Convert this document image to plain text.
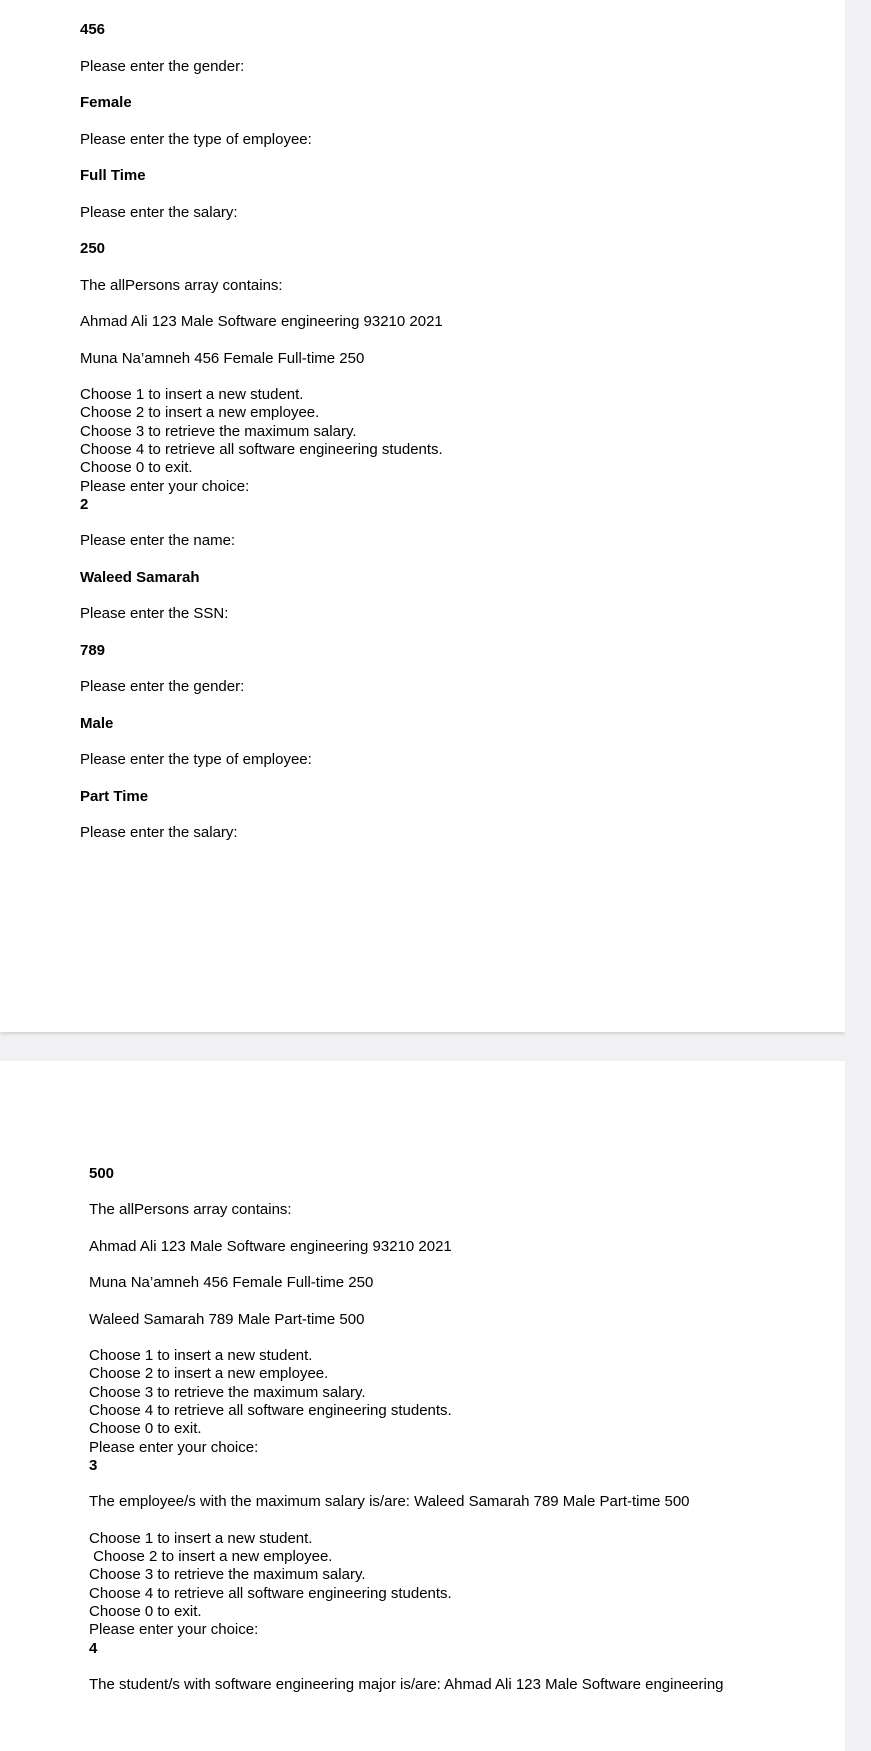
456
Please enter the gender:
Female
Please enter the type of employee:
Full Time
Please enter the salary:
250
The allPersons array contains:
Ahmad Ali 123 Male Software engineering 93210 2021
Muna Na’amneh 456 Female Full-time 250
Choose 1 to insert a new student.
Choose 2 to insert a new employee.
Choose 3 to retrieve the maximum salary.
Choose 4 to retrieve all software engineering students.
Choose 0 to exit.
Please enter your choice:
2
Please enter the name:
Waleed Samarah
Please enter the SSN:
789
Please enter the gender:
Male
Please enter the type of employee:
Part Time
Please enter the salary:
500
The allPersons array contains:
Ahmad Ali 123 Male Software engineering 93210 2021
Muna Na’amneh 456 Female Full-time 250
Waleed Samarah 789 Male Part-time 500
Choose 1 to insert a new student.
Choose 2 to insert a new employee.
Choose 3 to retrieve the maximum salary.
Choose 4 to retrieve all software engineering students.
Choose 0 to exit.
Please enter your choice:
3
The employee/s with the maximum salary is/are: Waleed Samarah 789 Male Part-time 500
Choose 1 to insert a new student.
Choose 2 to insert a new employee.
Choose 3 to retrieve the maximum salary.
Choose 4 to retrieve all software engineering students.
Choose 0 to exit.
Please enter your choice:
4
The student/s with software engineering major is/are: Ahmad Ali 123 Male Software engineering
